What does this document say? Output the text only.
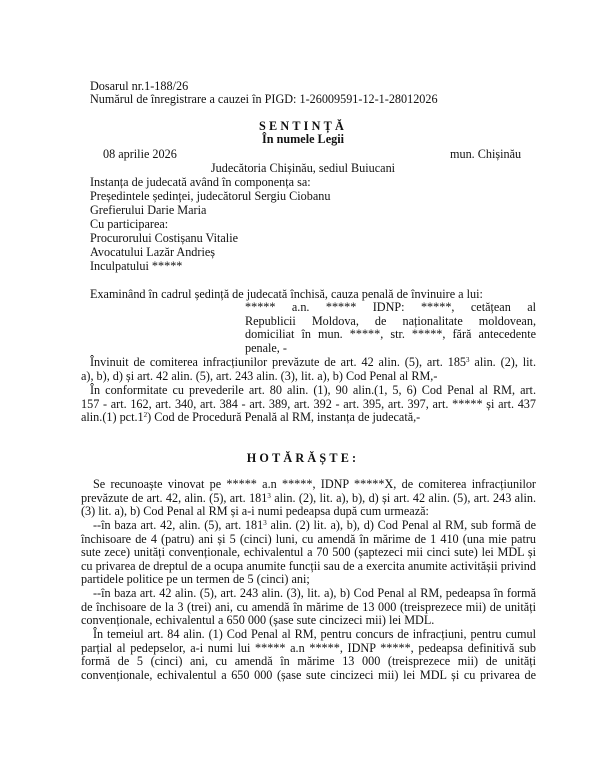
Dosarul nr.1-188/26
Numărul de înregistrare a cauzei în PIGD: 1-26009591-12-1-28012026
SENTINȚĂ
În numele Legii
08 aprilie 2026	mun. Chișinău
Judecătoria Chișinău, sediul Buiucani
Instanța de judecată având în componența sa:
Președintele ședinței, judecătorul Sergiu Ciobanu
Grefierului Darie Maria
Cu participarea:
Procurorului Costișanu Vitalie
Avocatului Lazăr Andrieș
Inculpatului *****
Examinând în cadrul ședință de judecată închisă, cauza penală de învinuire a lui:
***** a.n. ***** IDNP: *****, cetățean al
Republicii Moldova, de naționalitate moldovean,
domiciliat în mun. *****, str. *****, fără antecedente
penale, -
Învinuit de comiterea infracțiunilor prevăzute de art. 42 alin. (5), art. $185^3$ alin. (2), lit.
a), b), d) și art. 42 alin. (5), art. 243 alin. (3), lit. a), b) Cod Penal al RM,-
În conformitate cu prevederile art. 80 alin. (1), 90 alin.(1, 5, 6) Cod Penal al RM, art.
157 - art. 162, art. 340, art. 384 - art. 389, art. 392 - art. 395, art. 397, art. ***** și art. 437
alin.(1) $pct.1^2$) Cod de Procedură Penală al RM, instanța de judecată,-
HOTĂRĂȘTE:
Se recunoaște vinovat pe ***** a.n *****, IDNP *****X, de comiterea infracțiunilor
prevăzute de art. 42, alin. (5), art. $181^3$ alin. (2), lit. a), b), d) și art. 42 alin. (5), art. 243 alin.
(3) lit. a), b) Cod Penal al RM și a-i numi pedeapsa după cum urmează:
--în baza art. 42, alin. (5), art. $181^3$ alin. (2) lit. a), b), d) Cod Penal al RM, sub formă de
închisoare de 4 (patru) ani și 5 (cinci) luni, cu amendă în mărime de 1 410 (una mie patru
sute zece) unități convenționale, echivalentul a 70 500 (șaptezeci mii cinci sute) lei MDL și
cu privarea de dreptul de a ocupa anumite funcții sau de a exercita anumite activitășii privind
partidele politice pe un termen de 5 (cinci) ani;
--în baza art. 42 alin. (5), art. 243 alin. (3), lit. a), b) Cod Penal al RM, pedeapsa în formă
de închisoare de la 3 (trei) ani, cu amendă în mărime de 13 000 (treisprezece mii) de unități
convenționale, echivalentul a 650 000 (șase sute cincizeci mii) lei MDL.
În temeiul art. 84 alin. (1) Cod Penal al RM, pentru concurs de infracțiuni, pentru cumul
parțial al pedepselor, a-i numi lui ***** a.n *****, IDNP *****, pedeapsa definitivă sub
formă de 5 (cinci) ani, cu amendă în mărime 13 000 (treisprezece mii) de unități
convenționale, echivalentul a 650 000 (șase sute cincizeci mii) lei MDL și cu privarea de
